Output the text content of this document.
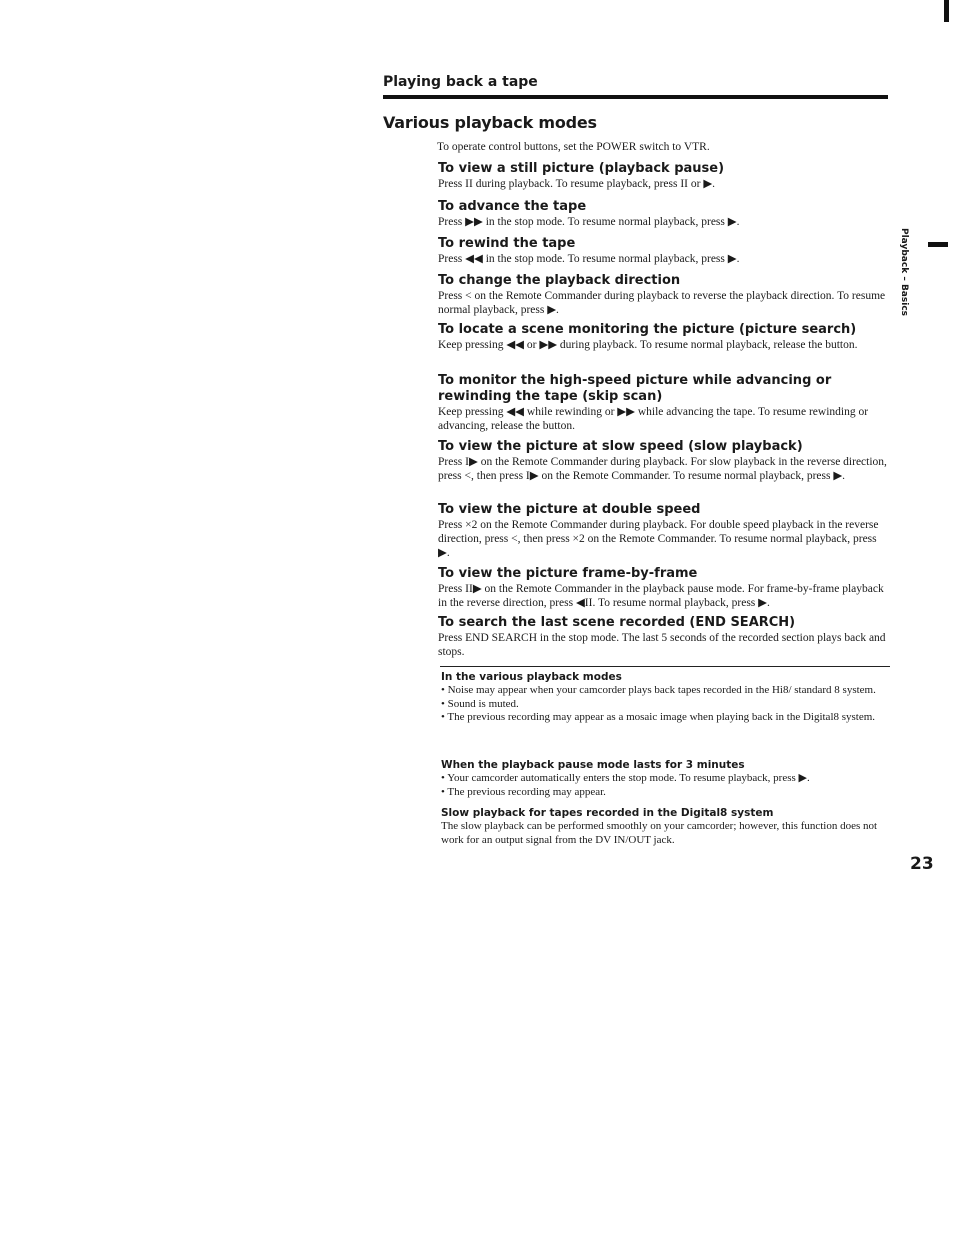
Playing back a tape
Various playback modes
To operate control buttons, set the POWER switch to VTR.
To view a still picture (playback pause)

Press II during playback. To resume playback, press II or ▶.

To advance the tape

Press ▶▶ in the stop mode. To resume normal playback, press ▶.

To rewind the tape

Press ◀◀ in the stop mode. To resume normal playback, press ▶.

To change the playback direction

Press < on the Remote Commander during playback to reverse the playback direction. To resume normal playback, press ▶.

To locate a scene monitoring the picture (picture search)

Keep pressing ◀◀ or ▶▶ during playback. To resume normal playback, release the button.

To monitor the high-speed picture while advancing or rewinding the tape (skip scan)

Keep pressing ◀◀ while rewinding or ▶▶ while advancing the tape. To resume rewinding or advancing, release the button.

To view the picture at slow speed (slow playback)

Press I▶ on the Remote Commander during playback. For slow playback in the reverse direction, press <, then press I▶ on the Remote Commander. To resume normal playback, press ▶.

To view the picture at double speed

Press ×2 on the Remote Commander during playback. For double speed playback in the reverse direction, press <, then press ×2 on the Remote Commander. To resume normal playback, press ▶.

To view the picture frame-by-frame

Press II▶ on the Remote Commander in the playback pause mode. For frame-by-frame playback in the reverse direction, press ◀II. To resume normal playback, press ▶.

To search the last scene recorded (END SEARCH)

Press END SEARCH in the stop mode. The last 5 seconds of the recorded section plays back and stops.

In the various playback modes
• Noise may appear when your camcorder plays back tapes recorded in the Hi8/ standard 8 system.
• Sound is muted.
• The previous recording may appear as a mosaic image when playing back in the Digital8 system.
When the playback pause mode lasts for 3 minutes
• Your camcorder automatically enters the stop mode. To resume playback, press ▶.
• The previous recording may appear.
Slow playback for tapes recorded in the Digital8 system

The slow playback can be performed smoothly on your camcorder; however, this function does not work for an output signal from the DV IN/OUT jack.

Playback – Basics
23
